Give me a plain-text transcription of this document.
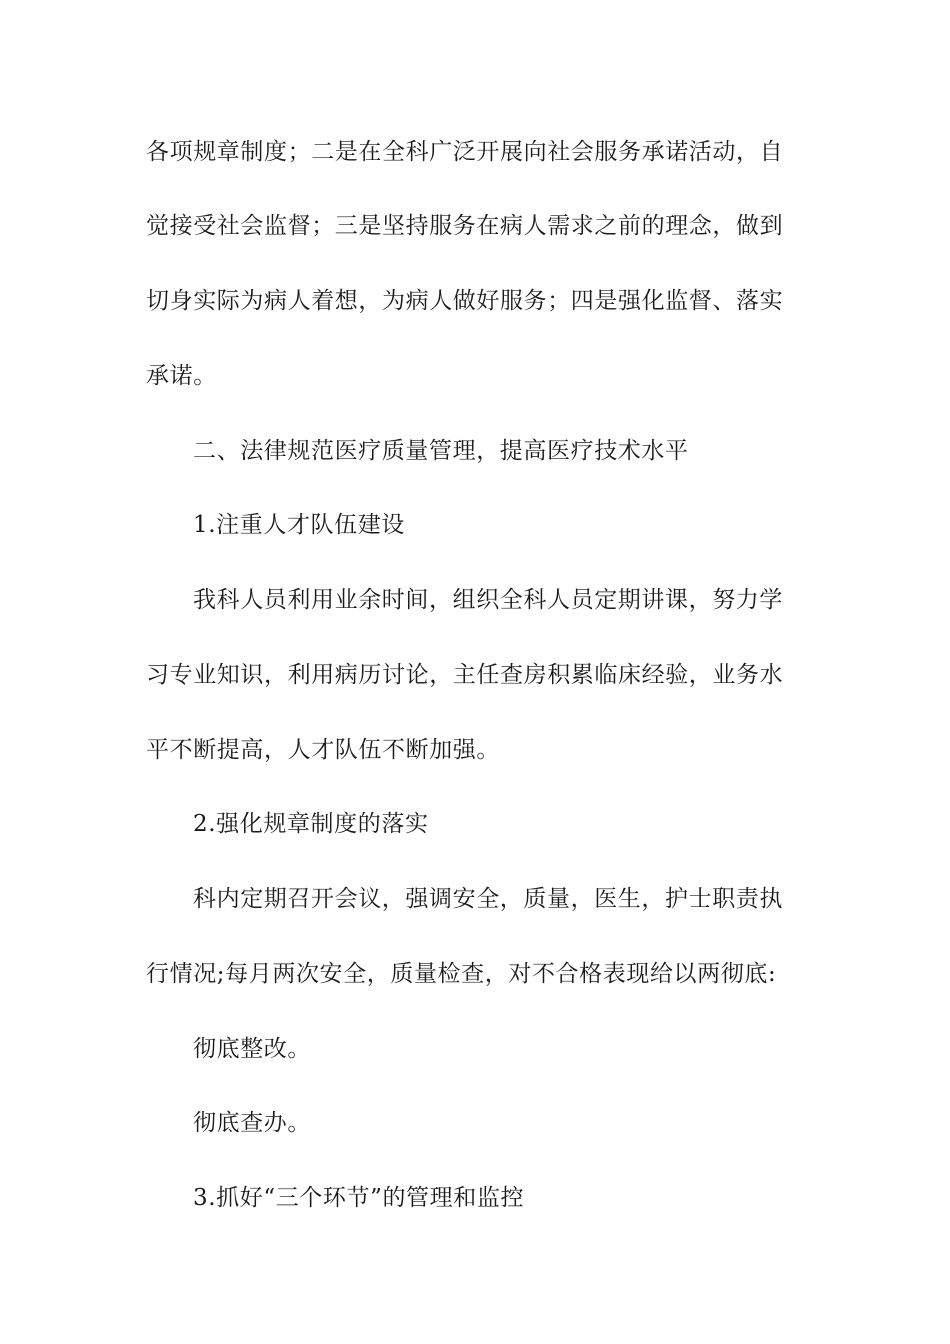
各项规章制度；二是在全科广泛开展向社会服务承诺活动，自
觉接受社会监督；三是坚持服务在病人需求之前的理念，做到
切身实际为病人着想，为病人做好服务；四是强化监督、落实
承诺。
二、法律规范医疗质量管理，提高医疗技术水平
1.注重人才队伍建设
我科人员利用业余时间，组织全科人员定期讲课，努力学
习专业知识，利用病历讨论，主任查房积累临床经验，业务水
平不断提高，人才队伍不断加强。
2.强化规章制度的落实
科内定期召开会议，强调安全，质量，医生，护士职责执
行情况;每月两次安全，质量检查，对不合格表现给以两彻底:
彻底整改。
彻底查办。
3.抓好“三个环节”的管理和监控
